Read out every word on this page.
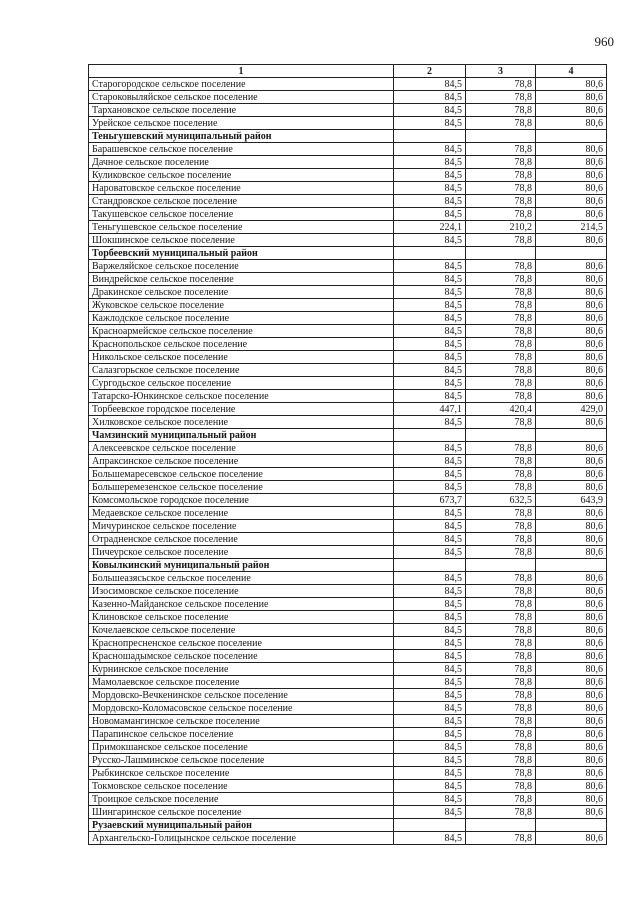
960
1	2	3	4
Старогородское сельское поселение	84,5	78,8	80,6
Староковыляйское сельское поселение	84,5	78,8	80,6
Тархановское сельское поселение	84,5	78,8	80,6
Урейское сельское поселение	84,5	78,8	80,6
Теньгушевский муниципальный район			
Барашевское сельское поселение	84,5	78,8	80,6
Дачное сельское поселение	84,5	78,8	80,6
Куликовское сельское поселение	84,5	78,8	80,6
Нароватовское сельское поселение	84,5	78,8	80,6
Стандровское сельское поселение	84,5	78,8	80,6
Такушевское сельское поселение	84,5	78,8	80,6
Теньгушевское сельское поселение	224,1	210,2	214,5
Шокшинское сельское поселение	84,5	78,8	80,6
Торбеевский муниципальный район			
Варжеляйское сельское поселение	84,5	78,8	80,6
Виндрейское сельское поселение	84,5	78,8	80,6
Дракинское сельское поселение	84,5	78,8	80,6
Жуковское сельское поселение	84,5	78,8	80,6
Кажлодское сельское поселение	84,5	78,8	80,6
Красноармейское сельское поселение	84,5	78,8	80,6
Краснопольское сельское поселение	84,5	78,8	80,6
Никольское сельское поселение	84,5	78,8	80,6
Салазгорьское сельское поселение	84,5	78,8	80,6
Сургодьское сельское поселение	84,5	78,8	80,6
Татарско-Юнкинское сельское поселение	84,5	78,8	80,6
Торбеевское городское поселение	447,1	420,4	429,0
Хилковское сельское поселение	84,5	78,8	80,6
Чамзинский муниципальный район			
Алексеевское сельское поселение	84,5	78,8	80,6
Апраксинское сельское поселение	84,5	78,8	80,6
Большемаресевское сельское поселение	84,5	78,8	80,6
Большеремезенское сельское поселение	84,5	78,8	80,6
Комсомольское городское поселение	673,7	632,5	643,9
Медаевское сельское поселение	84,5	78,8	80,6
Мичуринское сельское поселение	84,5	78,8	80,6
Отрадненское сельское поселение	84,5	78,8	80,6
Пичеурское сельское поселение	84,5	78,8	80,6
Ковылкинский муниципальный район			
Большеазясьское сельское поселение	84,5	78,8	80,6
Изосимовское сельское поселение	84,5	78,8	80,6
Казенно-Майданское сельское поселение	84,5	78,8	80,6
Клиновское сельское поселение	84,5	78,8	80,6
Кочелаевское сельское поселение	84,5	78,8	80,6
Краснопресненское сельское поселение	84,5	78,8	80,6
Красношадымское сельское поселение	84,5	78,8	80,6
Курнинское сельское поселение	84,5	78,8	80,6
Мамолаевское сельское поселение	84,5	78,8	80,6
Мордовско-Вечкенинское сельское поселение	84,5	78,8	80,6
Мордовско-Коломасовское сельское поселение	84,5	78,8	80,6
Новомамангинское сельское поселение	84,5	78,8	80,6
Парапинское сельское поселение	84,5	78,8	80,6
Примокшанское сельское поселение	84,5	78,8	80,6
Русско-Лашминское сельское поселение	84,5	78,8	80,6
Рыбкинское сельское поселение	84,5	78,8	80,6
Токмовское сельское поселение	84,5	78,8	80,6
Троицкое сельское поселение	84,5	78,8	80,6
Шингаринское сельское поселение	84,5	78,8	80,6
Рузаевский муниципальный район			
Архангельско-Голицынское сельское поселение	84,5	78,8	80,6
